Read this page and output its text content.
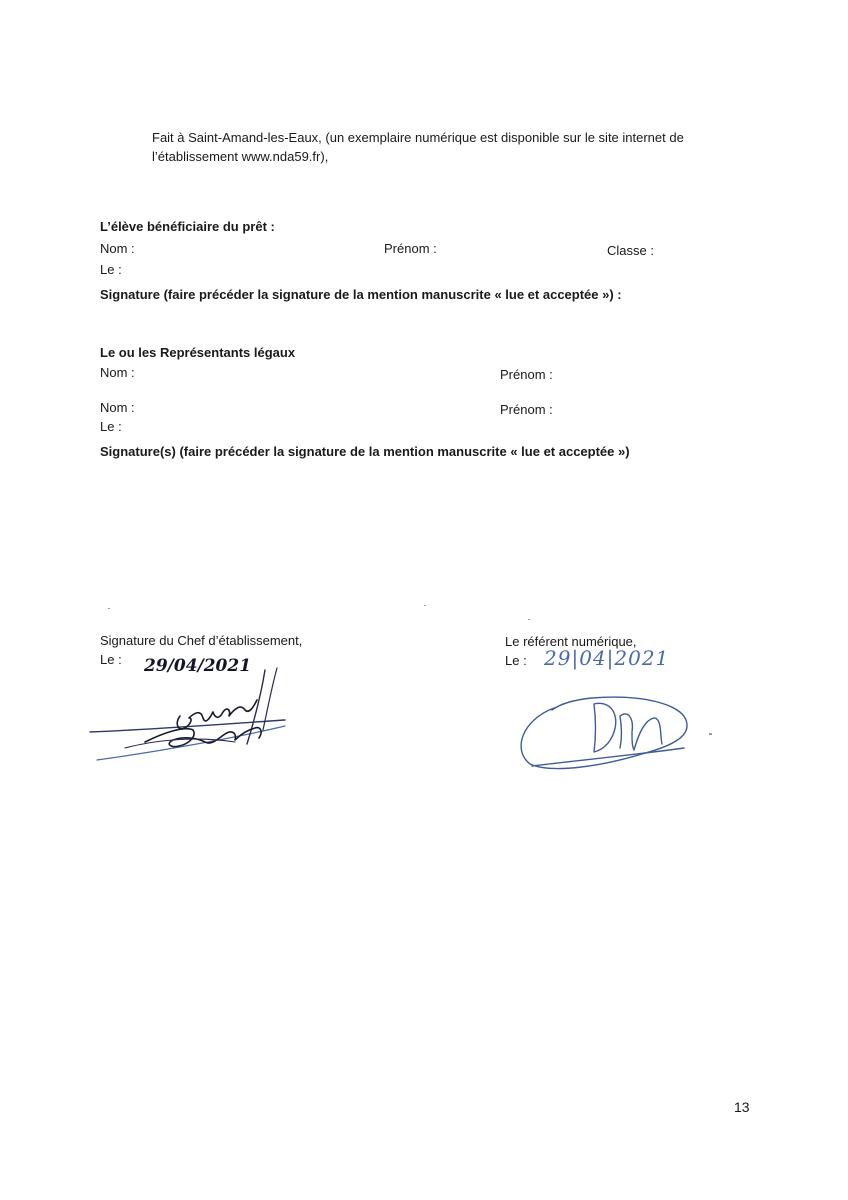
Fait à Saint-Amand-les-Eaux, (un exemplaire numérique est disponible sur le site internet de
l’établissement www.nda59.fr),
L’élève bénéficiaire du prêt :
Nom :	Prénom :	Classe :
Le :
Signature (faire précéder la signature de la mention manuscrite « lue et acceptée ») :
Le ou les Représentants légaux
Nom :	Prénom :
Nom :	Prénom :
Le :
Signature(s) (faire précéder la signature de la mention manuscrite « lue et acceptée »)
Signature du Chef d’établissement,
Le : 29/04/2021
Parkinson Dercas
Le référent numérique,
Le : 29|04|2021
DM
13
